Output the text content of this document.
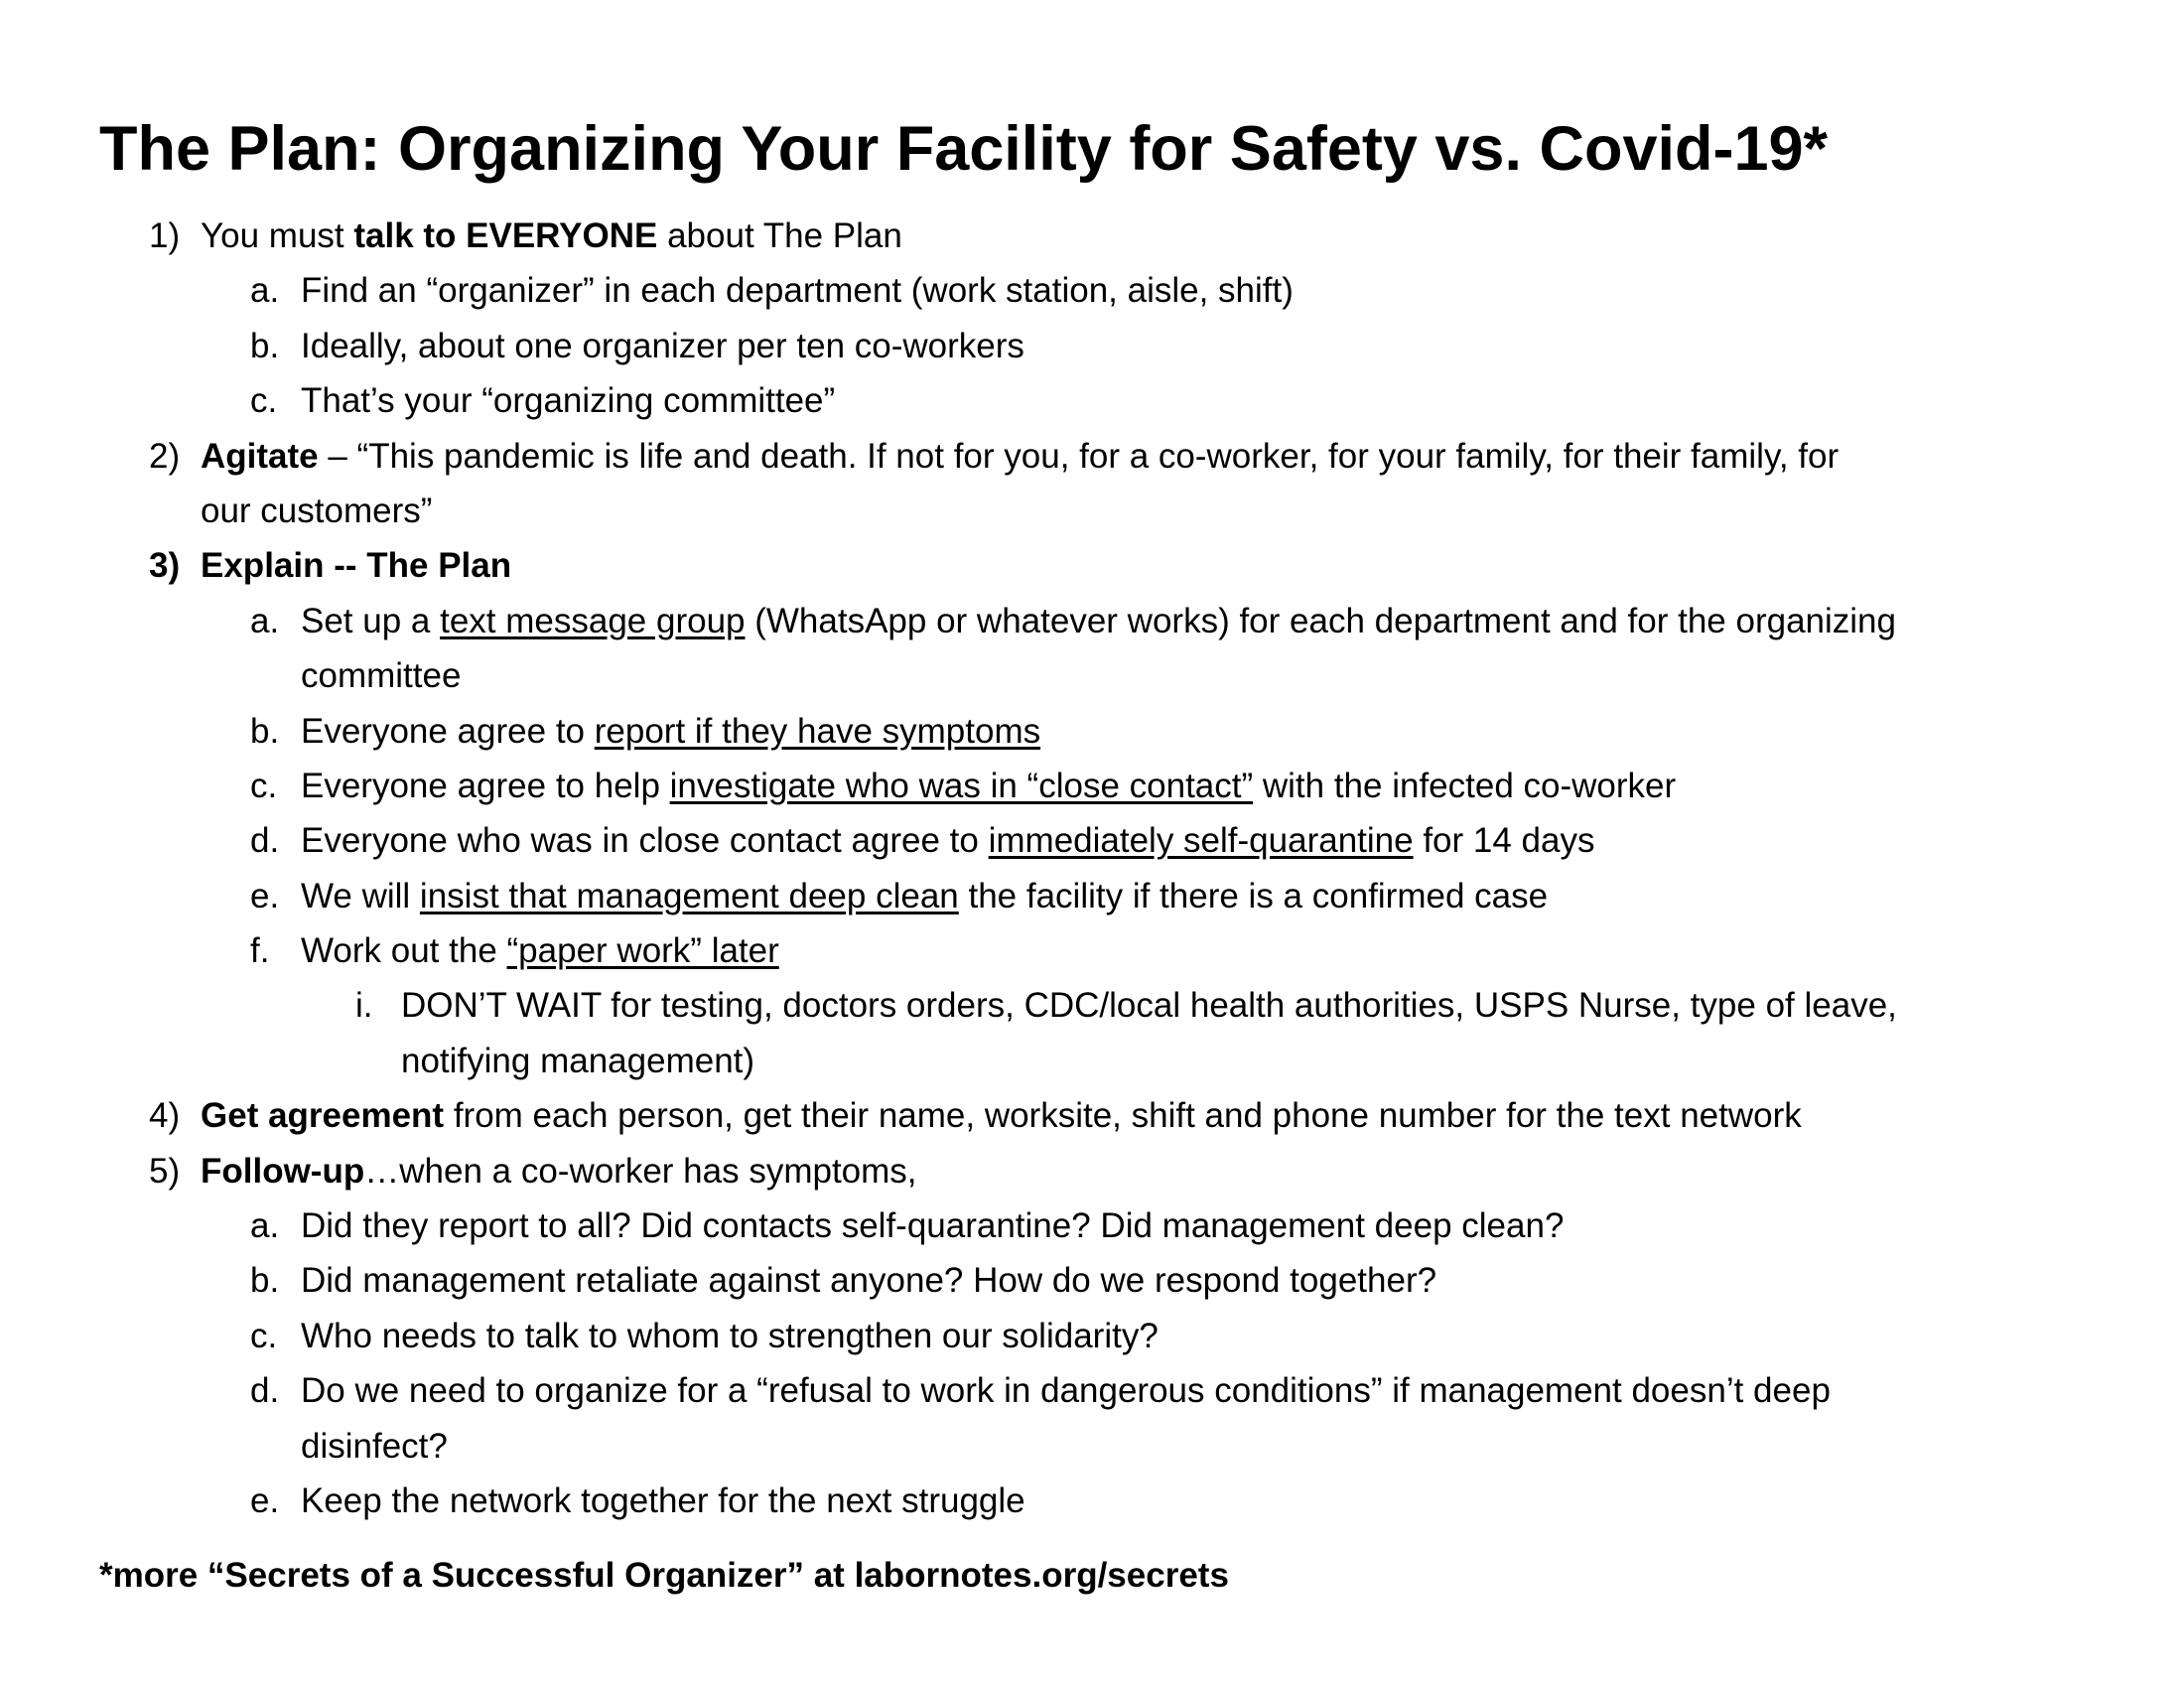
The Plan: Organizing Your Facility for Safety vs. Covid-19*
1) You must talk to EVERYONE about The Plan
a. Find an “organizer” in each department (work station, aisle, shift)
b. Ideally, about one organizer per ten co-workers
c. That’s your “organizing committee”
2) Agitate – “This pandemic is life and death. If not for you, for a co-worker, for your family, for their family, for
our customers”
3) Explain -- The Plan
a. Set up a text message group (WhatsApp or whatever works) for each department and for the organizing
committee
b. Everyone agree to report if they have symptoms
c. Everyone agree to help investigate who was in “close contact” with the infected co-worker
d. Everyone who was in close contact agree to immediately self-quarantine for 14 days
e. We will insist that management deep clean the facility if there is a confirmed case
f. Work out the “paper work” later
i. DON’T WAIT for testing, doctors orders, CDC/local health authorities, USPS Nurse, type of leave,
notifying management)
4) Get agreement from each person, get their name, worksite, shift and phone number for the text network
5) Follow-up…when a co-worker has symptoms,
a. Did they report to all? Did contacts self-quarantine? Did management deep clean?
b. Did management retaliate against anyone? How do we respond together?
c. Who needs to talk to whom to strengthen our solidarity?
d. Do we need to organize for a “refusal to work in dangerous conditions” if management doesn’t deep
disinfect?
e. Keep the network together for the next struggle
*more “Secrets of a Successful Organizer” at labornotes.org/secrets
